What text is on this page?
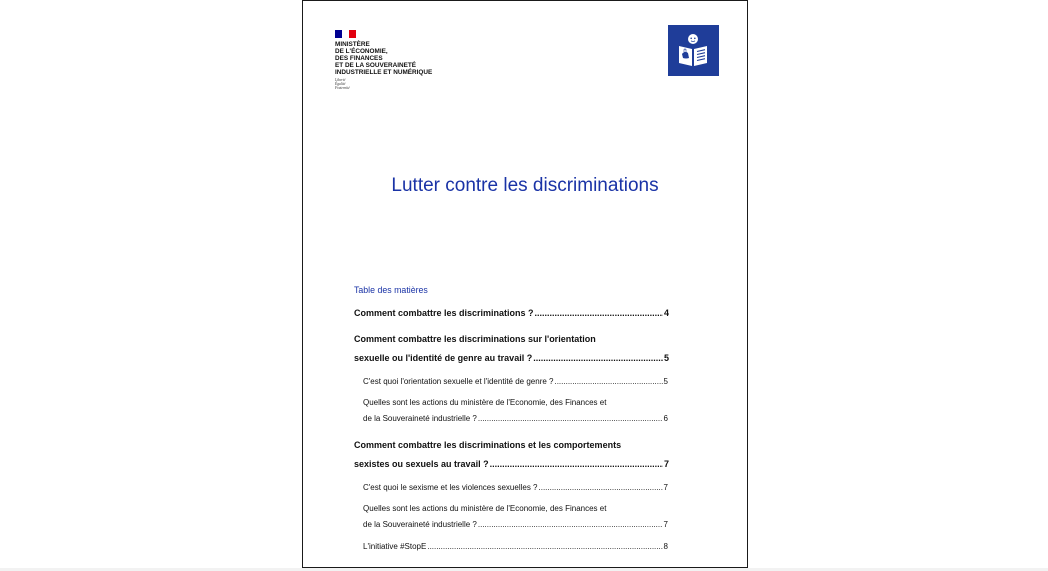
MINISTÈRE
DE L'ÉCONOMIE,
DES FINANCES
ET DE LA SOUVERAINETÉ
INDUSTRIELLE ET NUMÉRIQUE
Liberté
Égalité
Fraternité
Lutter contre les discriminations
Table des matières
Comment combattre les discriminations ? .....	4
Comment combattre les discriminations sur l'orientation
sexuelle ou l'identité de genre au travail ? .....	5
C'est quoi l'orientation sexuelle et l'identité de genre ? .....	5
Quelles sont les actions du ministère de l'Economie, des Finances et
de la Souveraineté industrielle ? .....	6
Comment combattre les discriminations et les comportements
sexistes ou sexuels au travail ? .....	7
C'est quoi le sexisme et les violences sexuelles ? .....	7
Quelles sont les actions du ministère de l'Economie, des Finances et
de la Souveraineté industrielle ? .....	7
L'initiative #StopE .....	8
